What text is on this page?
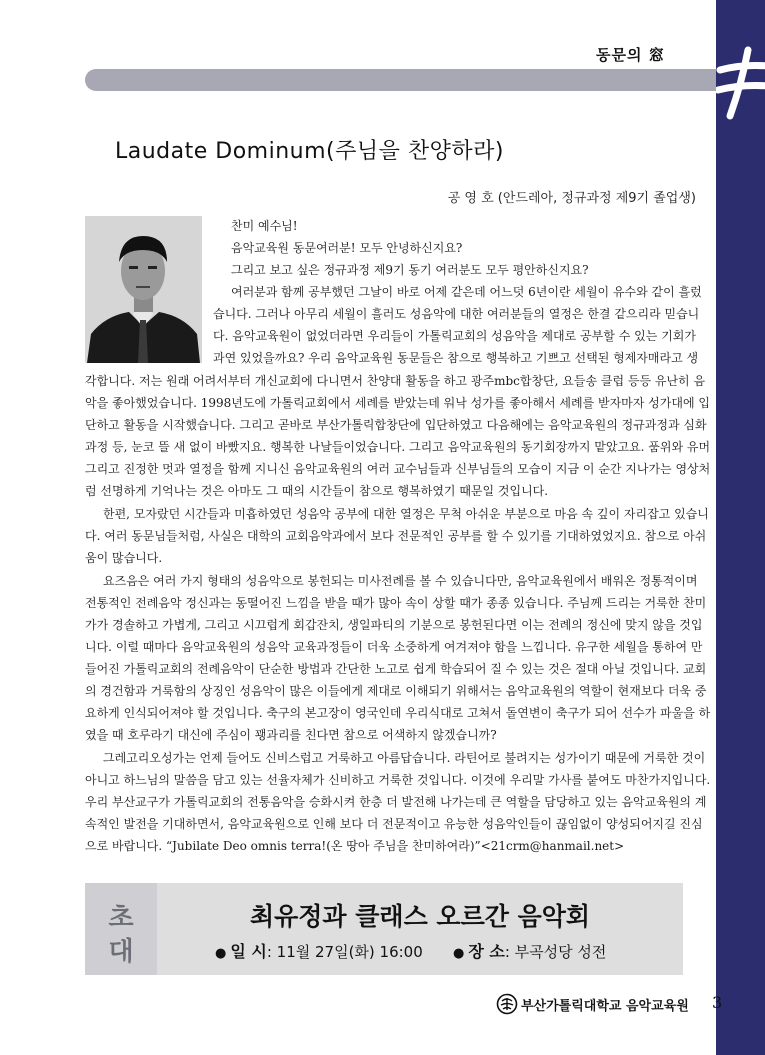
동문의 窓
Laudate Dominum(주님을 찬양하라)
공 영 호 (안드레아, 정규과정 제9기 졸업생)
찬미 예수님!
음악교육원 동문여러분! 모두 안녕하신지요?
그리고 보고 싶은 정규과정 제9기 동기 여러분도 모두 평안하신지요?
여러분과 함께 공부했던 그날이 바로 어제 같은데 어느덧 6년이란 세월이 유수와 같이 흘렀
습니다. 그러나 아무리 세월이 흘러도 성음악에 대한 여러분들의 열정은 한결 같으리라 믿습니
다. 음악교육원이 없었더라면 우리들이 가톨릭교회의 성음악을 제대로 공부할 수 있는 기회가
과연 있었을까요? 우리 음악교육원 동문들은 참으로 행복하고 기쁘고 선택된 형제자매라고 생
각합니다. 저는 원래 어려서부터 개신교회에 다니면서 찬양대 활동을 하고 광주mbc합창단, 요들송 클럽 등등 유난히 음
악을 좋아했었습니다. 1998년도에 가톨릭교회에서 세례를 받았는데 워낙 성가를 좋아해서 세례를 받자마자 성가대에 입
단하고 활동을 시작했습니다. 그리고 곧바로 부산가톨릭합창단에 입단하였고 다음해에는 음악교육원의 정규과정과 심화
과정 등, 눈코 뜰 새 없이 바빴지요. 행복한 나날들이었습니다. 그리고 음악교육원의 동기회장까지 맡았고요. 품위와 유머
그리고 진정한 멋과 열정을 함께 지니신 음악교육원의 여러 교수님들과 신부님들의 모습이 지금 이 순간 지나가는 영상처
럼 선명하게 기억나는 것은 아마도 그 때의 시간들이 참으로 행복하였기 때문일 것입니다.
한편, 모자랐던 시간들과 미흡하였던 성음악 공부에 대한 열정은 무척 아쉬운 부분으로 마음 속 깊이 자리잡고 있습니
다. 여러 동문님들처럼, 사실은 대학의 교회음악과에서 보다 전문적인 공부를 할 수 있기를 기대하였었지요. 참으로 아쉬
움이 많습니다.
요즈음은 여러 가지 형태의 성음악으로 봉헌되는 미사전례를 볼 수 있습니다만, 음악교육원에서 배워온 정통적이며
전통적인 전례음악 정신과는 동떨어진 느낌을 받을 때가 많아 속이 상할 때가 종종 있습니다. 주님께 드리는 거룩한 찬미
가가 경솔하고 가볍게, 그리고 시끄럽게 회갑잔치, 생일파티의 기분으로 봉헌된다면 이는 전례의 정신에 맞지 않을 것입
니다. 이럴 때마다 음악교육원의 성음악 교육과정들이 더욱 소중하게 여겨져야 함을 느낍니다. 유구한 세월을 통하여 만
들어진 가톨릭교회의 전례음악이 단순한 방법과 간단한 노고로 쉽게 학습되어 질 수 있는 것은 절대 아닐 것입니다. 교회
의 경건함과 거룩함의 상징인 성음악이 많은 이들에게 제대로 이해되기 위해서는 음악교육원의 역할이 현재보다 더욱 중
요하게 인식되어져야 할 것입니다. 축구의 본고장이 영국인데 우리식대로 고쳐서 돌연변이 축구가 되어 선수가 파울을 하
였을 때 호루라기 대신에 주심이 꽹과리를 친다면 참으로 어색하지 않겠습니까?
그레고리오성가는 언제 들어도 신비스럽고 거룩하고 아름답습니다. 라틴어로 불려지는 성가이기 때문에 거룩한 것이
아니고 하느님의 말씀을 담고 있는 선율자체가 신비하고 거룩한 것입니다. 이것에 우리말 가사를 붙여도 마찬가지입니다.
우리 부산교구가 가톨릭교회의 전통음악을 승화시켜 한층 더 발전해 나가는데 큰 역할을 담당하고 있는 음악교육원의 계
속적인 발전을 기대하면서, 음악교육원으로 인해 보다 더 전문적이고 유능한 성음악인들이 끊임없이 양성되어지길 진심
으로 바랍니다. “Jubilate Deo omnis terra!(온 땅아 주님을 찬미하여라)”<21crm@hanmail.net>
초
대
최유정과 클래스 오르간 음악회
● 일 시: 11월 27일(화) 16:00 ● 장 소: 부곡성당 성전
부산가톨릭대학교 음악교육원 3
